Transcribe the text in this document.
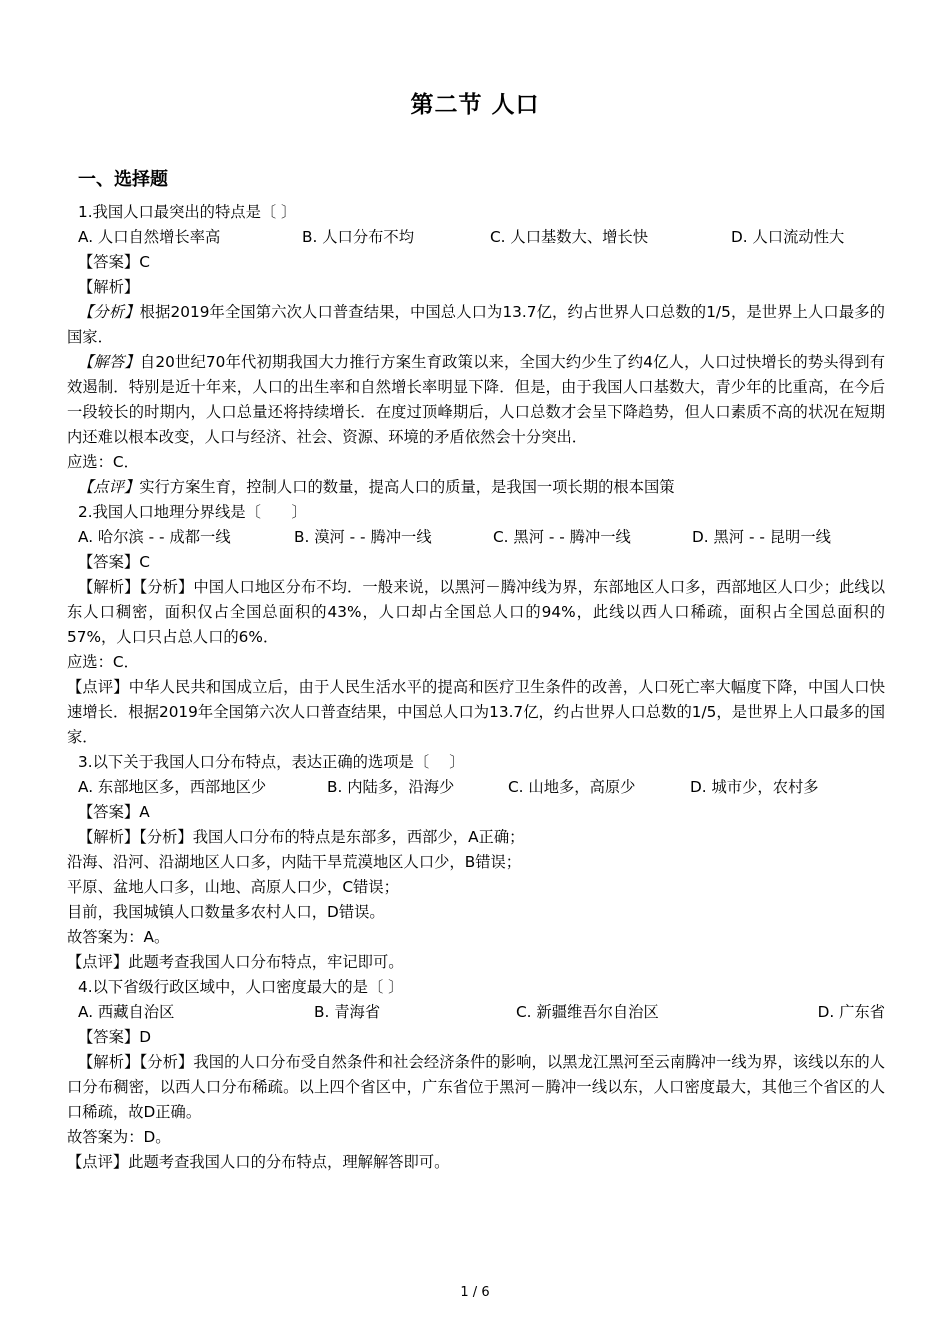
第二节 人口
一、选择题
1.我国人口最突出的特点是〔 〕
A. 人口自然增长率高	B. 人口分布不均	C. 人口基数大、增长快	D. 人口流动性大
【答案】C
【解析】
【分析】根据2019年全国第六次人口普查结果，中国总人口为13.7亿，约占世界人口总数的1/5，是世界上人口最多的国家．
【解答】自20世纪70年代初期我国大力推行方案生育政策以来，全国大约少生了约4亿人，人口过快增长的势头得到有效遏制．特别是近十年来，人口的出生率和自然增长率明显下降．但是，由于我国人口基数大，青少年的比重高，在今后一段较长的时期内，人口总量还将持续增长．在度过顶峰期后，人口总数才会呈下降趋势，但人口素质不高的状况在短期内还难以根本改变，人口与经济、社会、资源、环境的矛盾依然会十分突出．
应选：C．
【点评】实行方案生育，控制人口的数量，提高人口的质量，是我国一项长期的根本国策
2.我国人口地理分界线是〔　　〕
A. 哈尔滨 - - 成都一线	B. 漠河 - - 腾冲一线	C. 黑河 - - 腾冲一线	D. 黑河 - - 昆明一线
【答案】C
【解析】【分析】中国人口地区分布不均．一般来说，以黑河－腾冲线为界，东部地区人口多，西部地区人口少；此线以东人口稠密，面积仅占全国总面积的43%，人口却占全国总人口的94%，此线以西人口稀疏，面积占全国总面积的57%，人口只占总人口的6%．
应选：C．
【点评】中华人民共和国成立后，由于人民生活水平的提高和医疗卫生条件的改善，人口死亡率大幅度下降，中国人口快速增长．根据2019年全国第六次人口普查结果，中国总人口为13.7亿，约占世界人口总数的1/5，是世界上人口最多的国家．
3.以下关于我国人口分布特点，表达正确的选项是〔　 〕
A. 东部地区多，西部地区少	B. 内陆多，沿海少	C. 山地多，高原少	D. 城市少，农村多
【答案】A
【解析】【分析】我国人口分布的特点是东部多，西部少，A正确；
沿海、沿河、沿湖地区人口多，内陆干旱荒漠地区人口少，B错误；
平原、盆地人口多，山地、高原人口少，C错误；
目前，我国城镇人口数量多农村人口，D错误。
故答案为：A。
【点评】此题考查我国人口分布特点，牢记即可。
4.以下省级行政区域中，人口密度最大的是〔 〕
A. 西藏自治区	B. 青海省	C. 新疆维吾尔自治区	D. 广东省
【答案】D
【解析】【分析】我国的人口分布受自然条件和社会经济条件的影响，以黑龙江黑河至云南腾冲一线为界，该线以东的人口分布稠密，以西人口分布稀疏。以上四个省区中，广东省位于黑河－腾冲一线以东，人口密度最大，其他三个省区的人口稀疏，故D正确。
故答案为：D。
【点评】此题考查我国人口的分布特点，理解解答即可。
1 / 6
